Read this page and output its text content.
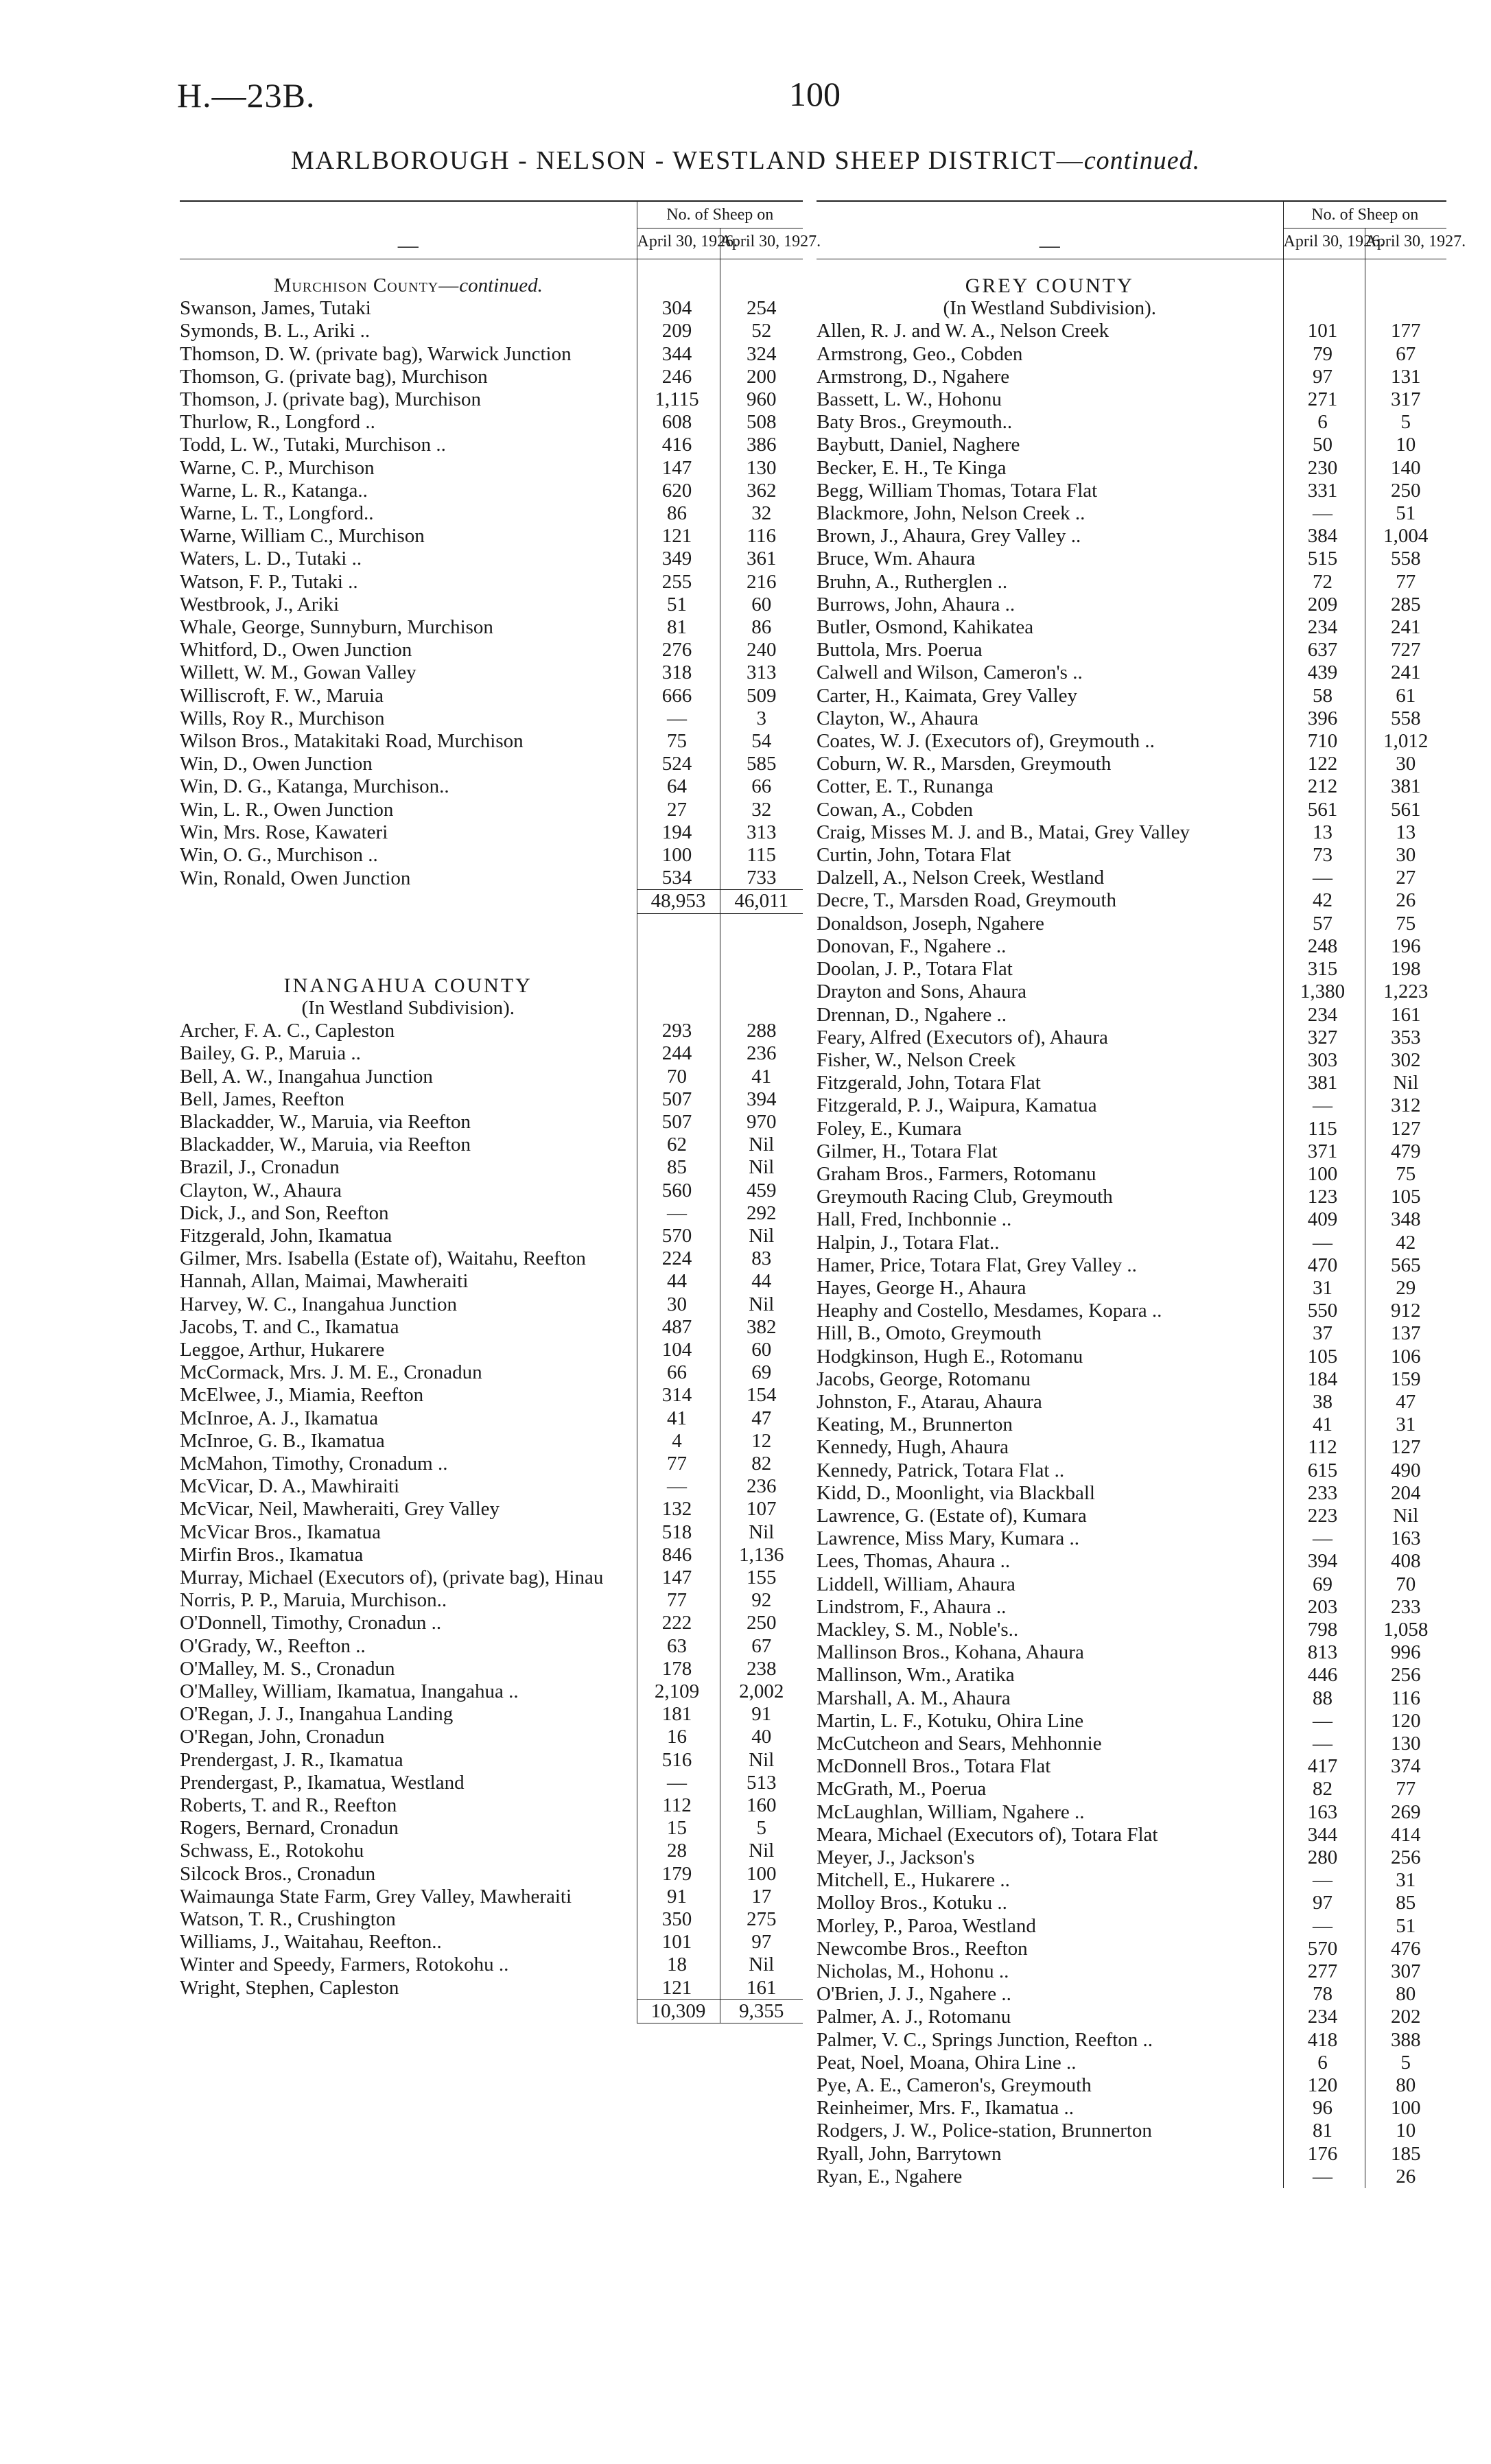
H.—23B.	100
MARLBOROUGH - NELSON - WESTLAND SHEEP DISTRICT—continued.
	No. of Sheep on	
—	April 30, 1926.	April 30, 1927.

Murchison County—continued.		
Swanson, James, Tutaki	304	254
Symonds, B. L., Ariki ..	209	52
Thomson, D. W. (private bag), Warwick Junction	344	324
Thomson, G. (private bag), Murchison	246	200
Thomson, J. (private bag), Murchison	1,115	960
Thurlow, R., Longford ..	608	508
Todd, L. W., Tutaki, Murchison ..	416	386
Warne, C. P., Murchison	147	130
Warne, L. R., Katanga..	620	362
Warne, L. T., Longford..	86	32
Warne, William C., Murchison	121	116
Waters, L. D., Tutaki ..	349	361
Watson, F. P., Tutaki ..	255	216
Westbrook, J., Ariki	51	60
Whale, George, Sunnyburn, Murchison	81	86
Whitford, D., Owen Junction	276	240
Willett, W. M., Gowan Valley	318	313
Williscroft, F. W., Maruia	666	509
Wills, Roy R., Murchison	—	3
Wilson Bros., Matakitaki Road, Murchison	75	54
Win, D., Owen Junction	524	585
Win, D. G., Katanga, Murchison..	64	66
Win, L. R., Owen Junction	27	32
Win, Mrs. Rose, Kawateri	194	313
Win, O. G., Murchison ..	100	115
Win, Ronald, Owen Junction	534	733
	48,953	46,011

INANGAHUA COUNTY		
(In Westland Subdivision).		
Archer, F. A. C., Capleston	293	288
Bailey, G. P., Maruia ..	244	236
Bell, A. W., Inangahua Junction	70	41
Bell, James, Reefton	507	394
Blackadder, W., Maruia, via Reefton	507	970
Blackadder, W., Maruia, via Reefton	62	Nil
Brazil, J., Cronadun	85	Nil
Clayton, W., Ahaura	560	459
Dick, J., and Son, Reefton	—	292
Fitzgerald, John, Ikamatua	570	Nil
Gilmer, Mrs. Isabella (Estate of), Waitahu, Reefton	224	83
Hannah, Allan, Maimai, Mawheraiti	44	44
Harvey, W. C., Inangahua Junction	30	Nil
Jacobs, T. and C., Ikamatua	487	382
Leggoe, Arthur, Hukarere	104	60
McCormack, Mrs. J. M. E., Cronadun	66	69
McElwee, J., Miamia, Reefton	314	154
McInroe, A. J., Ikamatua	41	47
McInroe, G. B., Ikamatua	4	12
McMahon, Timothy, Cronadum ..	77	82
McVicar, D. A., Mawhiraiti	—	236
McVicar, Neil, Mawheraiti, Grey Valley	132	107
McVicar Bros., Ikamatua	518	Nil
Mirfin Bros., Ikamatua	846	1,136
Murray, Michael (Executors of), (private bag), Hinau	147	155
Norris, P. P., Maruia, Murchison..	77	92
O'Donnell, Timothy, Cronadun ..	222	250
O'Grady, W., Reefton ..	63	67
O'Malley, M. S., Cronadun	178	238
O'Malley, William, Ikamatua, Inangahua ..	2,109	2,002
O'Regan, J. J., Inangahua Landing	181	91
O'Regan, John, Cronadun	16	40
Prendergast, J. R., Ikamatua	516	Nil
Prendergast, P., Ikamatua, Westland	—	513
Roberts, T. and R., Reefton	112	160
Rogers, Bernard, Cronadun	15	5
Schwass, E., Rotokohu	28	Nil
Silcock Bros., Cronadun	179	100
Waimaunga State Farm, Grey Valley, Mawheraiti	91	17
Watson, T. R., Crushington	350	275
Williams, J., Waitahau, Reefton..	101	97
Winter and Speedy, Farmers, Rotokohu ..	18	Nil
Wright, Stephen, Capleston	121	161
	10,309	9,355
	No. of Sheep on	
—	April 30, 1926.	April 30, 1927.

GREY COUNTY		
(In Westland Subdivision).		
Allen, R. J. and W. A., Nelson Creek	101	177
Armstrong, Geo., Cobden	79	67
Armstrong, D., Ngahere	97	131
Bassett, L. W., Hohonu	271	317
Baty Bros., Greymouth..	6	5
Baybutt, Daniel, Naghere	50	10
Becker, E. H., Te Kinga	230	140
Begg, William Thomas, Totara Flat	331	250
Blackmore, John, Nelson Creek ..	—	51
Brown, J., Ahaura, Grey Valley ..	384	1,004
Bruce, Wm. Ahaura	515	558
Bruhn, A., Rutherglen ..	72	77
Burrows, John, Ahaura ..	209	285
Butler, Osmond, Kahikatea	234	241
Buttola, Mrs. Poerua	637	727
Calwell and Wilson, Cameron's ..	439	241
Carter, H., Kaimata, Grey Valley	58	61
Clayton, W., Ahaura	396	558
Coates, W. J. (Executors of), Greymouth ..	710	1,012
Coburn, W. R., Marsden, Greymouth	122	30
Cotter, E. T., Runanga	212	381
Cowan, A., Cobden	561	561
Craig, Misses M. J. and B., Matai, Grey Valley	13	13
Curtin, John, Totara Flat	73	30
Dalzell, A., Nelson Creek, Westland	—	27
Decre, T., Marsden Road, Greymouth	42	26
Donaldson, Joseph, Ngahere	57	75
Donovan, F., Ngahere ..	248	196
Doolan, J. P., Totara Flat	315	198
Drayton and Sons, Ahaura	1,380	1,223
Drennan, D., Ngahere ..	234	161
Feary, Alfred (Executors of), Ahaura	327	353
Fisher, W., Nelson Creek	303	302
Fitzgerald, John, Totara Flat	381	Nil
Fitzgerald, P. J., Waipura, Kamatua	—	312
Foley, E., Kumara	115	127
Gilmer, H., Totara Flat	371	479
Graham Bros., Farmers, Rotomanu	100	75
Greymouth Racing Club, Greymouth	123	105
Hall, Fred, Inchbonnie ..	409	348
Halpin, J., Totara Flat..	—	42
Hamer, Price, Totara Flat, Grey Valley ..	470	565
Hayes, George H., Ahaura	31	29
Heaphy and Costello, Mesdames, Kopara ..	550	912
Hill, B., Omoto, Greymouth	37	137
Hodgkinson, Hugh E., Rotomanu	105	106
Jacobs, George, Rotomanu	184	159
Johnston, F., Atarau, Ahaura	38	47
Keating, M., Brunnerton	41	31
Kennedy, Hugh, Ahaura	112	127
Kennedy, Patrick, Totara Flat ..	615	490
Kidd, D., Moonlight, via Blackball	233	204
Lawrence, G. (Estate of), Kumara	223	Nil
Lawrence, Miss Mary, Kumara ..	—	163
Lees, Thomas, Ahaura ..	394	408
Liddell, William, Ahaura	69	70
Lindstrom, F., Ahaura ..	203	233
Mackley, S. M., Noble's..	798	1,058
Mallinson Bros., Kohana, Ahaura	813	996
Mallinson, Wm., Aratika	446	256
Marshall, A. M., Ahaura	88	116
Martin, L. F., Kotuku, Ohira Line	—	120
McCutcheon and Sears, Mehhonnie	—	130
McDonnell Bros., Totara Flat	417	374
McGrath, M., Poerua	82	77
McLaughlan, William, Ngahere ..	163	269
Meara, Michael (Executors of), Totara Flat	344	414
Meyer, J., Jackson's	280	256
Mitchell, E., Hukarere ..	—	31
Molloy Bros., Kotuku ..	97	85
Morley, P., Paroa, Westland	—	51
Newcombe Bros., Reefton	570	476
Nicholas, M., Hohonu ..	277	307
O'Brien, J. J., Ngahere ..	78	80
Palmer, A. J., Rotomanu	234	202
Palmer, V. C., Springs Junction, Reefton ..	418	388
Peat, Noel, Moana, Ohira Line ..	6	5
Pye, A. E., Cameron's, Greymouth	120	80
Reinheimer, Mrs. F., Ikamatua ..	96	100
Rodgers, J. W., Police-station, Brunnerton	81	10
Ryall, John, Barrytown	176	185
Ryan, E., Ngahere	—	26
